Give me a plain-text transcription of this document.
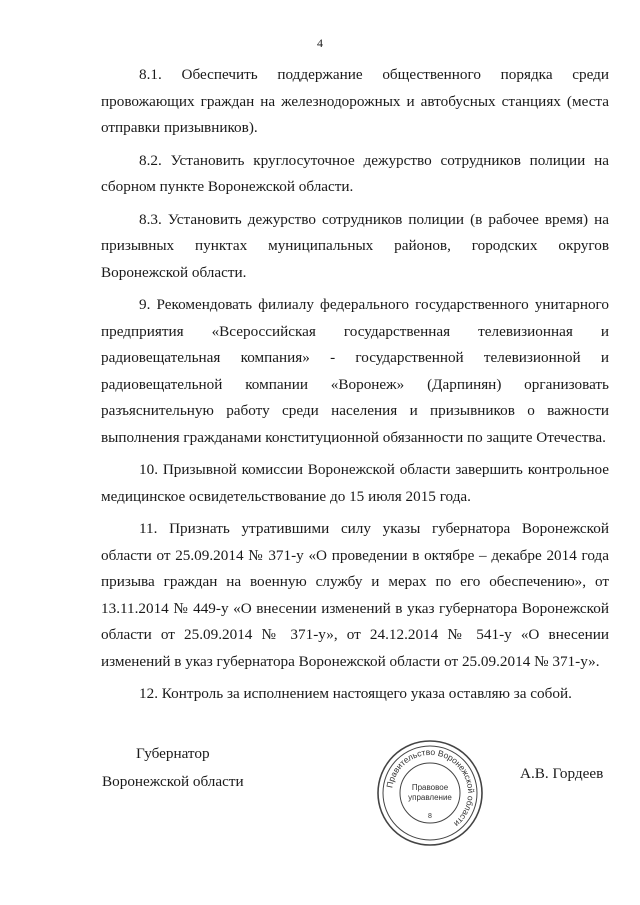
4

8.1. Обеспечить поддержание общественного порядка среди провожающих граждан на железнодорожных и автобусных станциях (места отправки призывников).

8.2. Установить круглосуточное дежурство сотрудников полиции на сборном пункте Воронежской области.

8.3. Установить дежурство сотрудников полиции (в рабочее время) на призывных пунктах муниципальных районов, городских округов Воронежской области.

9. Рекомендовать филиалу федерального государственного унитарного предприятия «Всероссийская государственная телевизионная и радиовещательная компания» - государственной телевизионной и радиовещательной компании «Воронеж» (Дарпинян) организовать разъяснительную работу среди населения и призывников о важности выполнения гражданами конституционной обязанности по защите Отечества.

10. Призывной комиссии Воронежской области завершить контрольное медицинское освидетельствование до 15 июля 2015 года.

11. Признать утратившими силу указы губернатора Воронежской области от 25.09.2014 № 371-у «О проведении в октябре – декабре 2014 года призыва граждан на военную службу и мерах по его обеспечению», от 13.11.2014 № 449-у «О внесении изменений в указ губернатора Воронежской области от 25.09.2014 № 371-у», от 24.12.2014 № 541-у «О внесении изменений в указ губернатора Воронежской области от 25.09.2014 № 371-у».

12. Контроль за исполнением настоящего указа оставляю за собой.

Губернатор
Воронежской области	А.В. Гордеев
Правительство Воронежской области
Правовое
управление
8
